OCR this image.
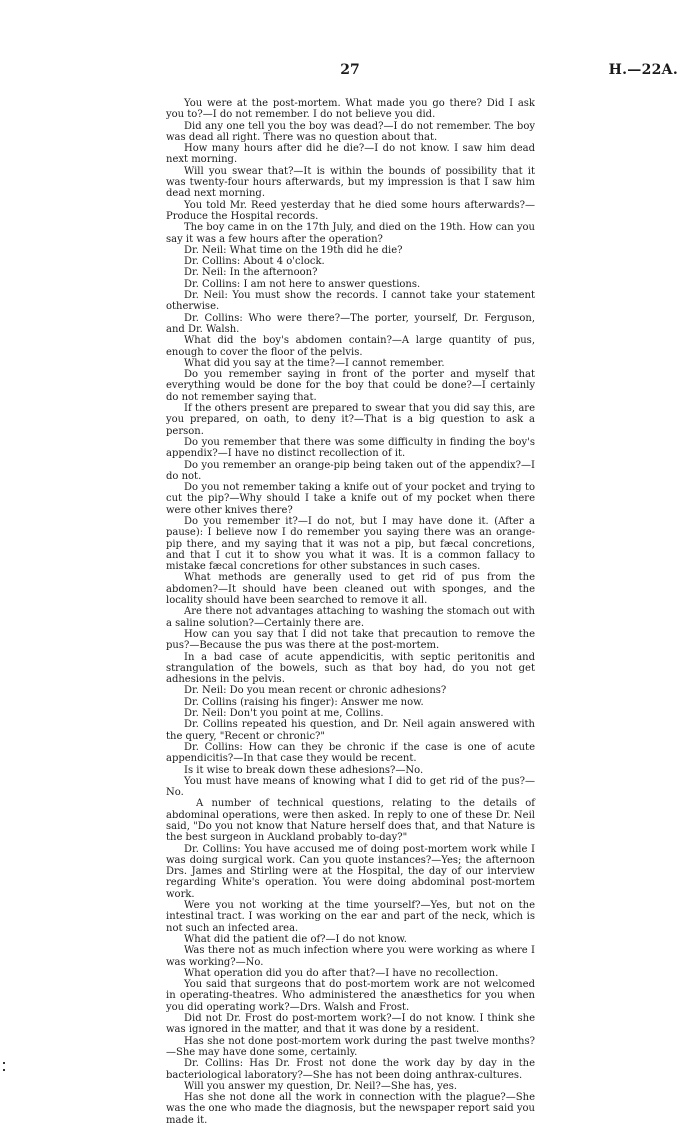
27	H.—22A.

You were at the post-mortem. What made you go there? Did I ask you to?—I do not remember. I do not believe you did.

Did any one tell you the boy was dead?—I do not remember. The boy was dead all right. There was no question about that.

How many hours after did he die?—I do not know. I saw him dead next morning.

Will you swear that?—It is within the bounds of possibility that it was twenty-four hours afterwards, but my impression is that I saw him dead next morning.

You told Mr. Reed yesterday that he died some hours afterwards?—Produce the Hospital records.

The boy came in on the 17th July, and died on the 19th. How can you say it was a few hours after the operation?

Dr. Neil: What time on the 19th did he die?

Dr. Collins: About 4 o'clock.

Dr. Neil: In the afternoon?

Dr. Collins: I am not here to answer questions.

Dr. Neil: You must show the records. I cannot take your statement otherwise.

Dr. Collins: Who were there?—The porter, yourself, Dr. Ferguson, and Dr. Walsh.

What did the boy's abdomen contain?—A large quantity of pus, enough to cover the floor of the pelvis.

What did you say at the time?—I cannot remember.

Do you remember saying in front of the porter and myself that everything would be done for the boy that could be done?—I certainly do not remember saying that.

If the others present are prepared to swear that you did say this, are you prepared, on oath, to deny it?—That is a big question to ask a person.

Do you remember that there was some difficulty in finding the boy's appendix?—I have no distinct recollection of it.

Do you remember an orange-pip being taken out of the appendix?—I do not.

Do you not remember taking a knife out of your pocket and trying to cut the pip?—Why should I take a knife out of my pocket when there were other knives there?

Do you remember it?—I do not, but I may have done it. (After a pause): I believe now I do remember you saying there was an orange-pip there, and my saying that it was not a pip, but fæcal concretions, and that I cut it to show you what it was. It is a common fallacy to mistake fæcal concretions for other substances in such cases.

What methods are generally used to get rid of pus from the abdomen?—It should have been cleaned out with sponges, and the locality should have been searched to remove it all.

Are there not advantages attaching to washing the stomach out with a saline solution?—Certainly there are.

How can you say that I did not take that precaution to remove the pus?—Because the pus was there at the post-mortem.

In a bad case of acute appendicitis, with septic peritonitis and strangulation of the bowels, such as that boy had, do you not get adhesions in the pelvis.

Dr. Neil: Do you mean recent or chronic adhesions?

Dr. Collins (raising his finger): Answer me now.

Dr. Neil: Don't you point at me, Collins.

Dr. Collins repeated his question, and Dr. Neil again answered with the query, "Recent or chronic?"

Dr. Collins: How can they be chronic if the case is one of acute appendicitis?—In that case they would be recent.

Is it wise to break down these adhesions?—No.

You must have means of knowing what I did to get rid of the pus?—No.

A number of technical questions, relating to the details of abdominal operations, were then asked. In reply to one of these Dr. Neil said, "Do you not know that Nature herself does that, and that Nature is the best surgeon in Auckland probably to-day?"

Dr. Collins: You have accused me of doing post-mortem work while I was doing surgical work. Can you quote instances?—Yes; the afternoon Drs. James and Stirling were at the Hospital, the day of our interview regarding White's operation. You were doing abdominal post-mortem work.

Were you not working at the time yourself?—Yes, but not on the intestinal tract. I was working on the ear and part of the neck, which is not such an infected area.

What did the patient die of?—I do not know.

Was there not as much infection where you were working as where I was working?—No.

What operation did you do after that?—I have no recollection.

You said that surgeons that do post-mortem work are not welcomed in operating-theatres. Who administered the anæsthetics for you when you did operating work?—Drs. Walsh and Frost.

Did not Dr. Frost do post-mortem work?—I do not know. I think she was ignored in the matter, and that it was done by a resident.

Has she not done post-mortem work during the past twelve months?—She may have done some, certainly.

Dr. Collins: Has Dr. Frost not done the work day by day in the bacteriological laboratory?—She has not been doing anthrax-cultures.

Will you answer my question, Dr. Neil?—She has, yes.

Has she not done all the work in connection with the plague?—She was the one who made the diagnosis, but the newspaper report said you made it.
